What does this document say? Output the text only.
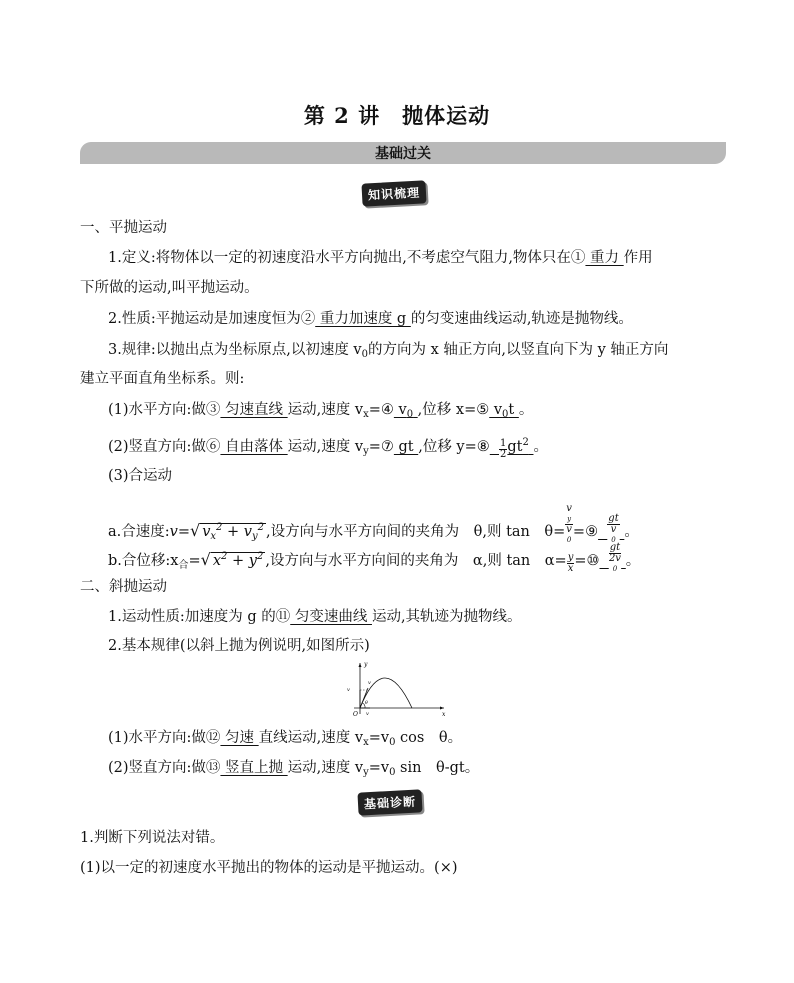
第 2 讲　抛体运动
基础过关
知识梳理
一、平抛运动
1.定义:将物体以一定的初速度沿水平方向抛出,不考虑空气阻力,物体只在① 重力 作用
下所做的运动,叫平抛运动。
2.性质:平抛运动是加速度恒为② 重力加速度 g 的匀变速曲线运动,轨迹是抛物线。
3.规律:以抛出点为坐标原点,以初速度 $v_0$的方向为 x 轴正方向,以竖直向下为 y 轴正方向
建立平面直角坐标系。则:
(1)水平方向:做③ 匀速直线 运动,速度 $v_x=④$ $v_0$ ,位移 x=⑤ $v_0t$ 。
(2)竖直方向:做⑥ 自由落体 运动,速度 $v_y=⑦$ gt ,位移 y=⑧ $\frac{1}{2} gt^2$ 。
(3)合运动
a.合速度:v=√ $v_x^2 + v_y^2$ ,设方向与水平方向间的夹角为　θ,则 tan　θ= v
y
v
0 =⑨ gt
v
0 。
b.合位移$:x_合=√$ $x^2 + y^2$ ,设方向与水平方向间的夹角为　α,则 tan　$\alpha= \frac{y}{x}$ =⑩ gt
2v
0 。
二、斜抛运动
1.运动性质:加速度为 g 的⑪ 匀变速曲线 运动,其轨迹为抛物线。
2.基本规律(以斜上抛为例说明,如图所示)
y
x
O
v
v
v
θ
(1)水平方向:做⑫ 匀速 直线运动,速度 $v_x=v_0$ cos　θ。
(2)竖直方向:做⑬ 竖直上抛 运动,速度 $v_y=v_0$ sin　θ-gt。
基础诊断
1.判断下列说法对错。
(1)以一定的初速度水平抛出的物体的运动是平抛运动。(×)
